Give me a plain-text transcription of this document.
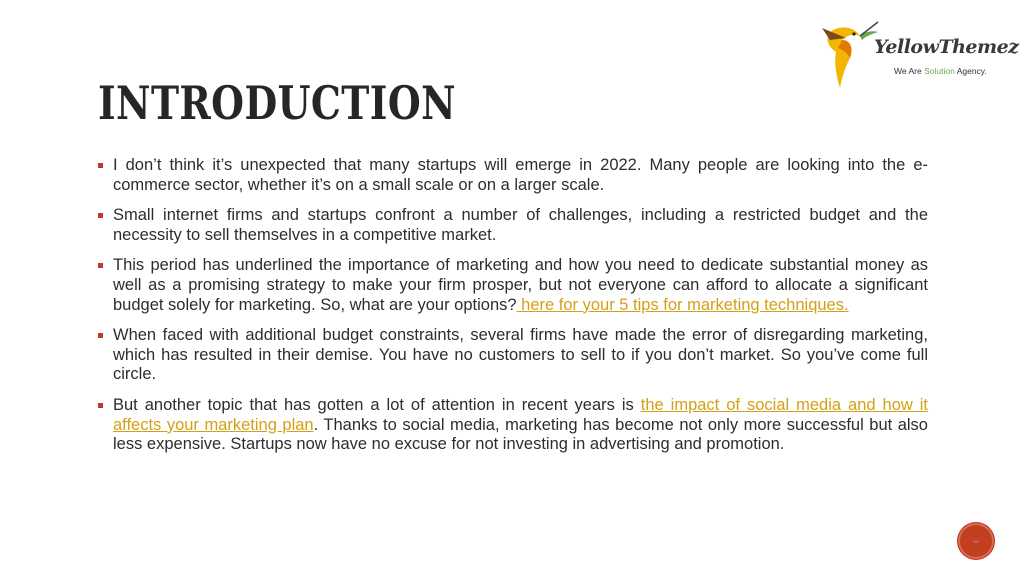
YellowThemez
We Are Solution Agency.
INTRODUCTION
I don’t think it’s unexpected that many startups will emerge in 2022. Many people are looking into the e-commerce sector, whether it’s on a small scale or on a larger scale.
Small internet firms and startups confront a number of challenges, including a restricted budget and the necessity to sell themselves in a competitive market.
This period has underlined the importance of marketing and how you need to dedicate substantial money as well as a promising strategy to make your firm prosper, but not everyone can afford to allocate a significant budget solely for marketing. So, what are your options? here for your 5 tips for marketing techniques.
When faced with additional budget constraints, several firms have made the error of disregarding marketing, which has resulted in their demise. You have no customers to sell to if you don’t market. So you’ve come full circle.
But another topic that has gotten a lot of attention in recent years is the impact of social media and how it affects your marketing plan. Thanks to social media, marketing has become not only more successful but also less expensive. Startups now have no excuse for not investing in advertising and promotion.
◦◦
